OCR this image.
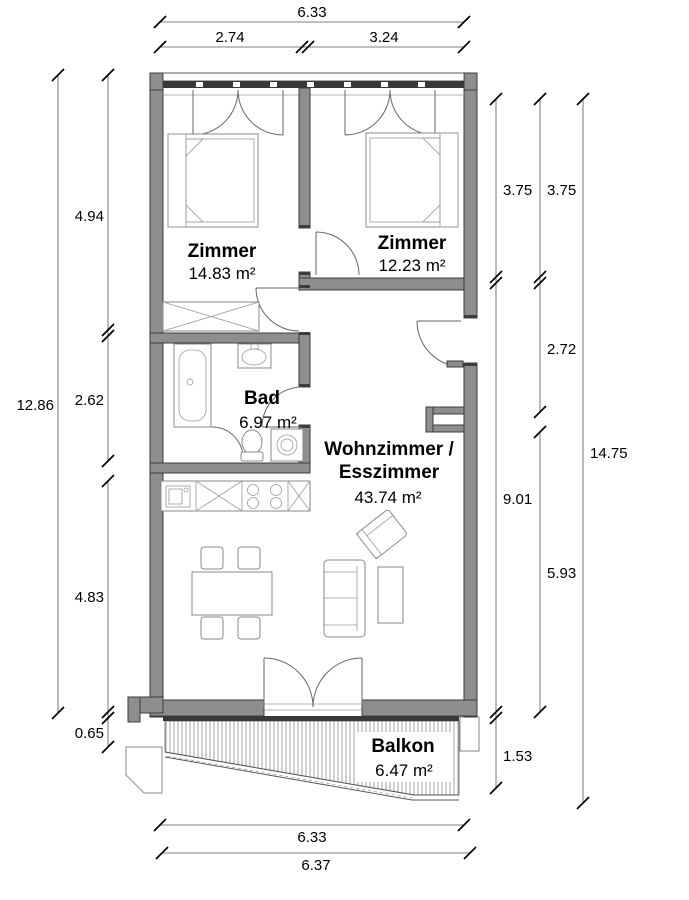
6.33
2.74	3.24
12.86
4.94
2.62
4.83
0.65
3.75
9.01
1.53
3.75
2.72
5.93
14.75
6.33
6.37
Zimmer
14.83 m²
Zimmer
12.23 m²
Bad
6.97 m²
Wohnzimmer /
Esszimmer
43.74 m²
Balkon
6.47 m²
